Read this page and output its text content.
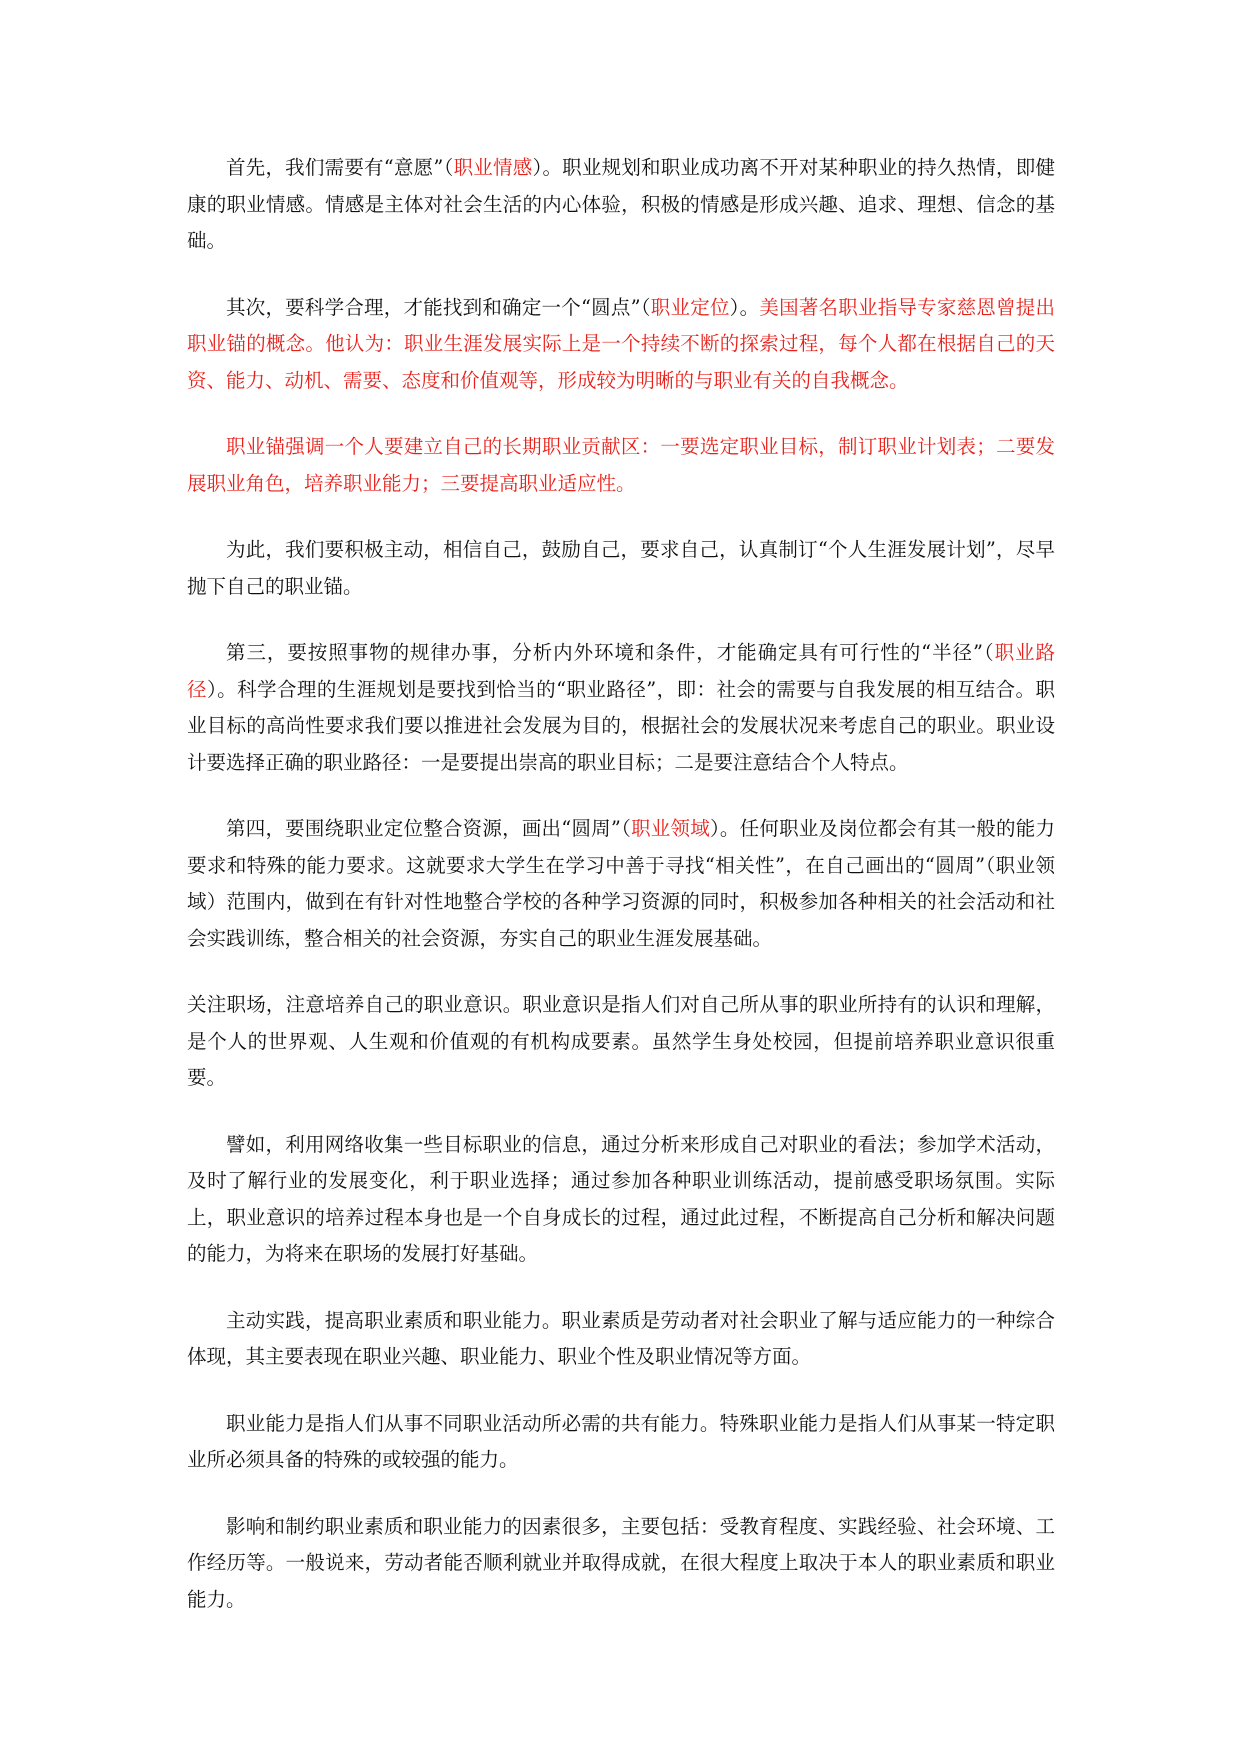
首先，我们需要有“意愿”（职业情感）。职业规划和职业成功离不开对某种职业的持久热情，即健康的职业情感。情感是主体对社会生活的内心体验，积极的情感是形成兴趣、追求、理想、信念的基础。

其次，要科学合理，才能找到和确定一个“圆点”（职业定位）。美国著名职业指导专家慈恩曾提出职业锚的概念。他认为：职业生涯发展实际上是一个持续不断的探索过程，每个人都在根据自己的天资、能力、动机、需要、态度和价值观等，形成较为明晰的与职业有关的自我概念。

职业锚强调一个人要建立自己的长期职业贡献区：一要选定职业目标，制订职业计划表；二要发展职业角色，培养职业能力；三要提高职业适应性。

为此，我们要积极主动，相信自己，鼓励自己，要求自己，认真制订“个人生涯发展计划”，尽早抛下自己的职业锚。

第三，要按照事物的规律办事，分析内外环境和条件，才能确定具有可行性的“半径”（职业路径）。科学合理的生涯规划是要找到恰当的“职业路径”，即：社会的需要与自我发展的相互结合。职业目标的高尚性要求我们要以推进社会发展为目的，根据社会的发展状况来考虑自己的职业。职业设计要选择正确的职业路径：一是要提出崇高的职业目标；二是要注意结合个人特点。

第四，要围绕职业定位整合资源，画出“圆周”（职业领域）。任何职业及岗位都会有其一般的能力要求和特殊的能力要求。这就要求大学生在学习中善于寻找“相关性”，在自己画出的“圆周”（职业领域）范围内，做到在有针对性地整合学校的各种学习资源的同时，积极参加各种相关的社会活动和社会实践训练，整合相关的社会资源，夯实自己的职业生涯发展基础。

关注职场，注意培养自己的职业意识。职业意识是指人们对自己所从事的职业所持有的认识和理解，是个人的世界观、人生观和价值观的有机构成要素。虽然学生身处校园，但提前培养职业意识很重要。

譬如，利用网络收集一些目标职业的信息，通过分析来形成自己对职业的看法；参加学术活动，及时了解行业的发展变化，利于职业选择；通过参加各种职业训练活动，提前感受职场氛围。实际上，职业意识的培养过程本身也是一个自身成长的过程，通过此过程，不断提高自己分析和解决问题的能力，为将来在职场的发展打好基础。

主动实践，提高职业素质和职业能力。职业素质是劳动者对社会职业了解与适应能力的一种综合体现，其主要表现在职业兴趣、职业能力、职业个性及职业情况等方面。

职业能力是指人们从事不同职业活动所必需的共有能力。特殊职业能力是指人们从事某一特定职业所必须具备的特殊的或较强的能力。

影响和制约职业素质和职业能力的因素很多，主要包括：受教育程度、实践经验、社会环境、工作经历等。一般说来，劳动者能否顺利就业并取得成就，在很大程度上取决于本人的职业素质和职业能力。
